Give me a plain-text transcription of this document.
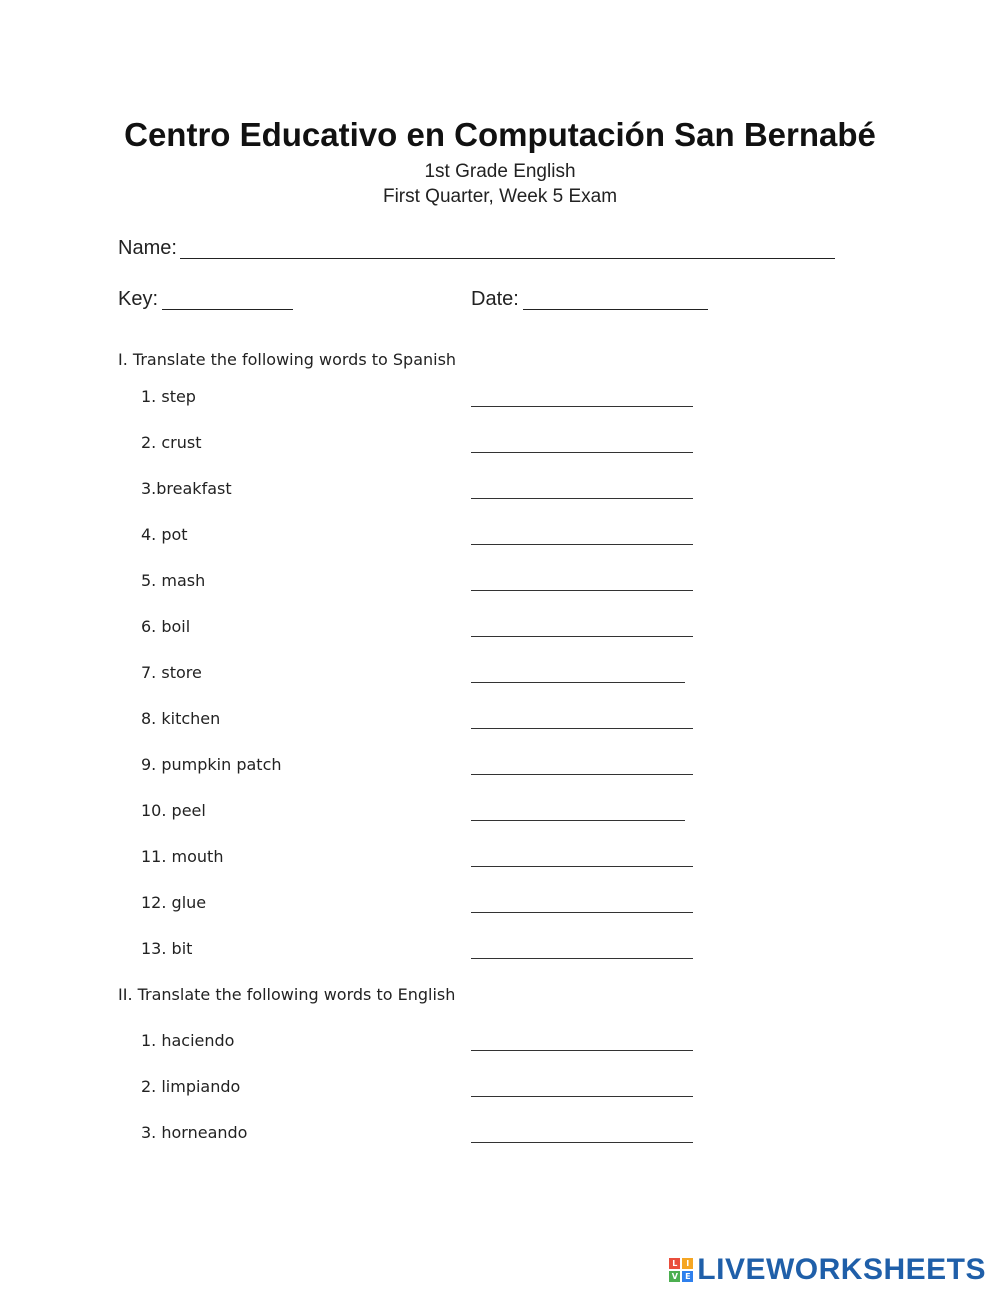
Centro Educativo en Computación San Bernabé
1st Grade English
First Quarter, Week 5 Exam
Name:
Key:	Date:
I. Translate the following words to Spanish
1. step
2. crust
3.breakfast
4. pot
5. mash
6. boil
7. store
8. kitchen
9. pumpkin patch
10. peel
11. mouth
12. glue
13. bit
II. Translate the following words to English
1. haciendo
2. limpiando
3. horneando
L	I
V E LIVEWORKSHEETS
